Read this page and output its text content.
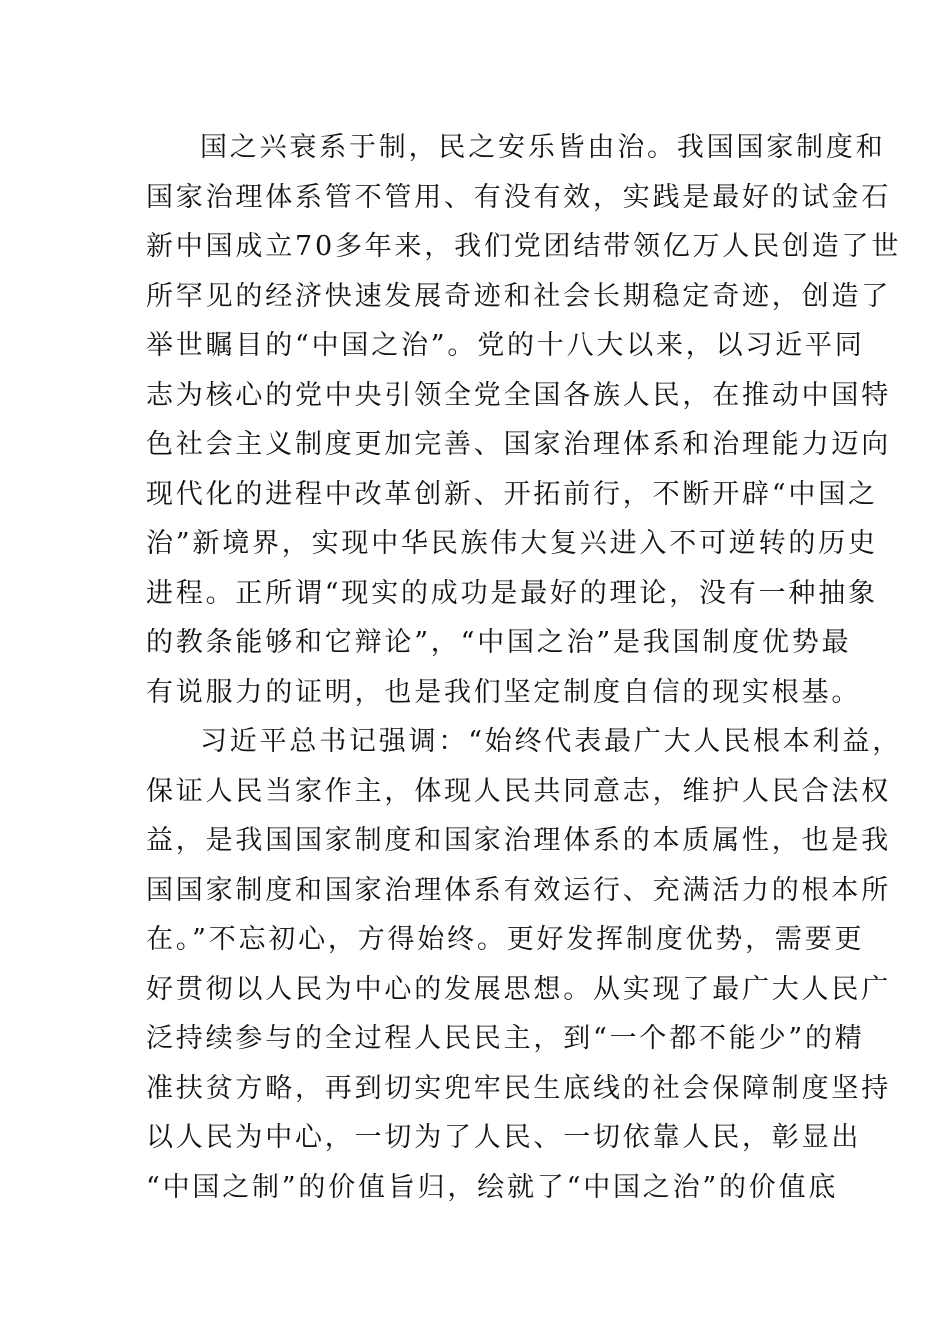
国之兴衰系于制，民之安乐皆由治。我国国家制度和
国家治理体系管不管用、有没有效，实践是最好的试金石
新中国成立70多年来，我们党团结带领亿万人民创造了世
所罕见的经济快速发展奇迹和社会长期稳定奇迹，创造了
举世瞩目的“中国之治”。党的十八大以来，以习近平同
志为核心的党中央引领全党全国各族人民，在推动中国特
色社会主义制度更加完善、国家治理体系和治理能力迈向
现代化的进程中改革创新、开拓前行，不断开辟“中国之
治”新境界，实现中华民族伟大复兴进入不可逆转的历史
进程。正所谓“现实的成功是最好的理论，没有一种抽象
的教条能够和它辩论”，“中国之治”是我国制度优势最
有说服力的证明，也是我们坚定制度自信的现实根基。
习近平总书记强调：“始终代表最广大人民根本利益，
保证人民当家作主，体现人民共同意志，维护人民合法权
益，是我国国家制度和国家治理体系的本质属性，也是我
国国家制度和国家治理体系有效运行、充满活力的根本所
在。”不忘初心，方得始终。更好发挥制度优势，需要更
好贯彻以人民为中心的发展思想。从实现了最广大人民广
泛持续参与的全过程人民民主，到“一个都不能少”的精
准扶贫方略，再到切实兜牢民生底线的社会保障制度坚持
以人民为中心，一切为了人民、一切依靠人民，彰显出
“中国之制”的价值旨归，绘就了“中国之治”的价值底
